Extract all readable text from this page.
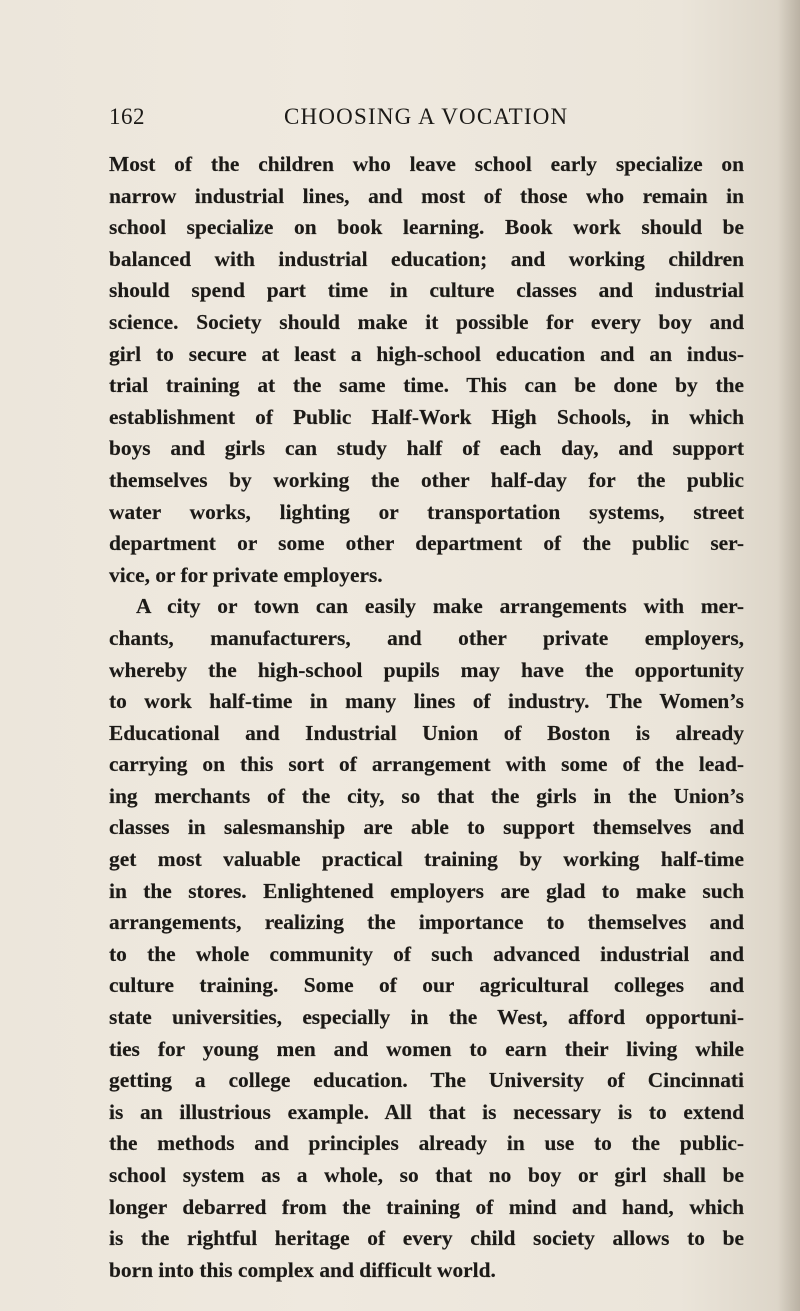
162	CHOOSING A VOCATION
Most of the children who leave school early specialize on
narrow industrial lines, and most of those who remain in
school specialize on book learning. Book work should be
balanced with industrial education; and working children
should spend part time in culture classes and industrial
science. Society should make it possible for every boy and
girl to secure at least a high-school education and an indus-
trial training at the same time. This can be done by the
establishment of Public Half-Work High Schools, in which
boys and girls can study half of each day, and support
themselves by working the other half-day for the public
water works, lighting or transportation systems, street
department or some other department of the public ser-
vice, or for private employers.
A city or town can easily make arrangements with mer-
chants, manufacturers, and other private employers,
whereby the high-school pupils may have the opportunity
to work half-time in many lines of industry. The Women’s
Educational and Industrial Union of Boston is already
carrying on this sort of arrangement with some of the lead-
ing merchants of the city, so that the girls in the Union’s
classes in salesmanship are able to support themselves and
get most valuable practical training by working half-time
in the stores. Enlightened employers are glad to make such
arrangements, realizing the importance to themselves and
to the whole community of such advanced industrial and
culture training. Some of our agricultural colleges and
state universities, especially in the West, afford opportuni-
ties for young men and women to earn their living while
getting a college education. The University of Cincinnati
is an illustrious example. All that is necessary is to extend
the methods and principles already in use to the public-
school system as a whole, so that no boy or girl shall be
longer debarred from the training of mind and hand, which
is the rightful heritage of every child society allows to be
born into this complex and difficult world.
